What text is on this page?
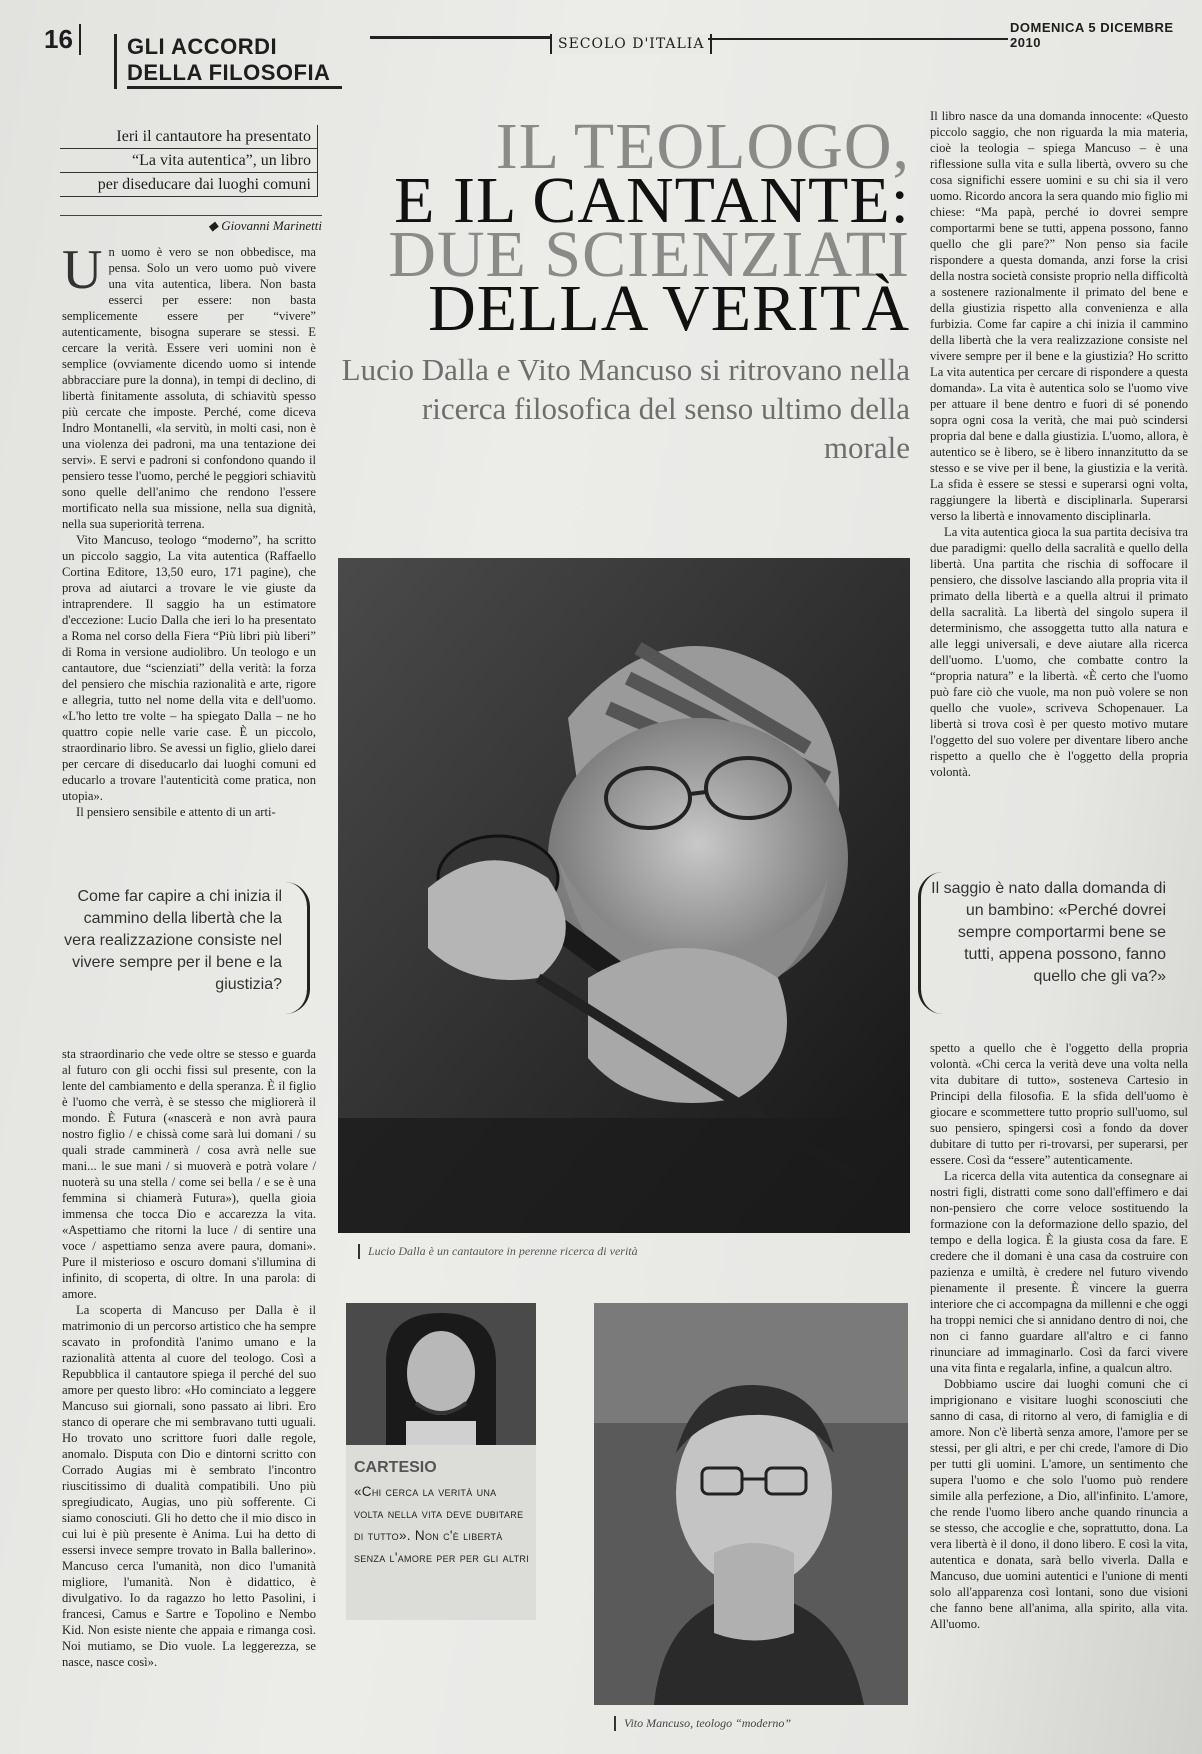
16	GLI ACCORDI
DELLA FILOSOFIA
SECOLO D'ITALIA
DOMENICA 5 DICEMBRE 2010
Ieri il cantautore ha presentato
“La vita autentica”, un libro
per diseducare dai luoghi comuni
◆ Giovanni Marinetti

Un uomo è vero se non obbedisce, ma pensa. Solo un vero uomo può vivere una vita autentica, libera. Non basta esserci per essere: non basta semplicemente essere per “vivere” autenticamente, bisogna superare se stessi. E cercare la verità. Essere veri uomini non è semplice (ovviamente dicendo uomo si intende abbracciare pure la donna), in tempi di declino, di libertà finitamente assoluta, di schiavitù spesso più cercate che imposte. Perché, come diceva Indro Montanelli, «la servitù, in molti casi, non è una violenza dei padroni, ma una tentazione dei servi». E servi e padroni si confondono quando il pensiero tesse l'uomo, perché le peggiori schiavitù sono quelle dell'animo che rendono l'essere mortificato nella sua missione, nella sua dignità, nella sua superiorità terrena.

Vito Mancuso, teologo “moderno”, ha scritto un piccolo saggio, La vita autentica (Raffaello Cortina Editore, 13,50 euro, 171 pagine), che prova ad aiutarci a trovare le vie giuste da intraprendere. Il saggio ha un estimatore d'eccezione: Lucio Dalla che ieri lo ha presentato a Roma nel corso della Fiera “Più libri più liberi” di Roma in versione audiolibro. Un teologo e un cantautore, due “scienziati” della verità: la forza del pensiero che mischia razionalità e arte, rigore e allegria, tutto nel nome della vita e dell'uomo. «L'ho letto tre volte – ha spiegato Dalla – ne ho quattro copie nelle varie case. È un piccolo, straordinario libro. Se avessi un figlio, glielo darei per cercare di diseducarlo dai luoghi comuni ed educarlo a trovare l'autenticità come pratica, non utopia».

Il pensiero sensibile e attento di un arti-

Come far capire a chi inizia il cammino della libertà che la vera realizzazione consiste nel vivere sempre per il bene e la giustizia?

sta straordinario che vede oltre se stesso e guarda al futuro con gli occhi fissi sul presente, con la lente del cambiamento e della speranza. È il figlio è l'uomo che verrà, è se stesso che migliorerà il mondo. È Futura («nascerà e non avrà paura nostro figlio / e chissà come sarà lui domani / su quali strade camminerà / cosa avrà nelle sue mani... le sue mani / si muoverà e potrà volare / nuoterà su una stella / come sei bella / e se è una femmina si chiamerà Futura»), quella gioia immensa che tocca Dio e accarezza la vita. «Aspettiamo che ritorni la luce / di sentire una voce / aspettiamo senza avere paura, domani». Pure il misterioso e oscuro domani s'illumina di infinito, di scoperta, di oltre. In una parola: di amore.

La scoperta di Mancuso per Dalla è il matrimonio di un percorso artistico che ha sempre scavato in profondità l'animo umano e la razionalità attenta al cuore del teologo. Così a Repubblica il cantautore spiega il perché del suo amore per questo libro: «Ho cominciato a leggere Mancuso sui giornali, sono passato ai libri. Ero stanco di operare che mi sembravano tutti uguali. Ho trovato uno scrittore fuori dalle regole, anomalo. Disputa con Dio e dintorni scritto con Corrado Augias mi è sembrato l'incontro riuscitissimo di dualità compatibili. Uno più spregiudicato, Augias, uno più sofferente. Ci siamo conosciuti. Gli ho detto che il mio disco in cui lui è più presente è Anima. Lui ha detto di essersi invece sempre trovato in Balla ballerino». Mancuso cerca l'umanità, non dico l'umanità migliore, l'umanità. Non è didattico, è divulgativo. Io da ragazzo ho letto Pasolini, i francesi, Camus e Sartre e Topolino e Nembo Kid. Non esiste niente che appaia e rimanga così. Noi mutiamo, se Dio vuole. La leggerezza, se nasce, nasce così».

IL TEOLOGO,
E IL CANTANTE:
DUE SCIENZIATI
DELLA VERITÀ
Lucio Dalla e Vito Mancuso si ritrovano nella ricerca filosofica del senso ultimo della morale
Lucio Dalla è un cantautore in perenne ricerca di verità

Il libro nasce da una domanda innocente: «Questo piccolo saggio, che non riguarda la mia materia, cioè la teologia – spiega Mancuso – è una riflessione sulla vita e sulla libertà, ovvero su che cosa significhi essere uomini e su chi sia il vero uomo. Ricordo ancora la sera quando mio figlio mi chiese: “Ma papà, perché io dovrei sempre comportarmi bene se tutti, appena possono, fanno quello che gli pare?” Non penso sia facile rispondere a questa domanda, anzi forse la crisi della nostra società consiste proprio nella difficoltà a sostenere razionalmente il primato del bene e della giustizia rispetto alla convenienza e alla furbizia. Come far capire a chi inizia il cammino della libertà che la vera realizzazione consiste nel vivere sempre per il bene e la giustizia? Ho scritto La vita autentica per cercare di rispondere a questa domanda». La vita è autentica solo se l'uomo vive per attuare il bene dentro e fuori di sé ponendo sopra ogni cosa la verità, che mai può scindersi propria dal bene e dalla giustizia. L'uomo, allora, è autentico se è libero, se è libero innanzitutto da se stesso e se vive per il bene, la giustizia e la verità. La sfida è essere se stessi e superarsi ogni volta, raggiungere la libertà e disciplinarla. Superarsi verso la libertà e innovamento disciplinarla.

La vita autentica gioca la sua partita decisiva tra due paradigmi: quello della sacralità e quello della libertà. Una partita che rischia di soffocare il pensiero, che dissolve lasciando alla propria vita il primato della libertà e a quella altrui il primato della sacralità. La libertà del singolo supera il determinismo, che assoggetta tutto alla natura e alle leggi universali, e deve aiutare alla ricerca dell'uomo. L'uomo, che combatte contro la “propria natura” e la libertà. «È certo che l'uomo può fare ciò che vuole, ma non può volere se non quello che vuole», scriveva Schopenauer. La libertà si trova così è per questo motivo mutare l'oggetto del suo volere per diventare libero anche rispetto a quello che è l'oggetto della propria volontà.

Il saggio è nato dalla domanda di un bambino: «Perché dovrei sempre comportarmi bene se tutti, appena possono, fanno quello che gli va?»

spetto a quello che è l'oggetto della propria volontà. «Chi cerca la verità deve una volta nella vita dubitare di tutto», sosteneva Cartesio in Principi della filosofia. E la sfida dell'uomo è giocare e scommettere tutto proprio sull'uomo, sul suo pensiero, spingersi così a fondo da dover dubitare di tutto per ri-trovarsi, per superarsi, per essere. Così da “essere” autenticamente.

La ricerca della vita autentica da consegnare ai nostri figli, distratti come sono dall'effimero e dai non-pensiero che corre veloce sostituendo la formazione con la deformazione dello spazio, del tempo e della logica. È la giusta cosa da fare. E credere che il domani è una casa da costruire con pazienza e umiltà, è credere nel futuro vivendo pienamente il presente. È vincere la guerra interiore che ci accompagna da millenni e che oggi ha troppi nemici che si annidano dentro di noi, che non ci fanno guardare all'altro e ci fanno rinunciare ad immaginarlo. Così da farci vivere una vita finta e regalarla, infine, a qualcun altro.

Dobbiamo uscire dai luoghi comuni che ci imprigionano e visitare luoghi sconosciuti che sanno di casa, di ritorno al vero, di famiglia e di amore. Non c'è libertà senza amore, l'amore per se stessi, per gli altri, e per chi crede, l'amore di Dio per tutti gli uomini. L'amore, un sentimento che supera l'uomo e che solo l'uomo può rendere simile alla perfezione, a Dio, all'infinito. L'amore, che rende l'uomo libero anche quando rinuncia a se stesso, che accoglie e che, soprattutto, dona. La vera libertà è il dono, il dono libero. E così la vita, autentica e donata, sarà bello viverla. Dalla e Mancuso, due uomini autentici e l'unione di menti solo all'apparenza così lontani, sono due visioni che fanno bene all'anima, alla spirito, alla vita. All'uomo.

CARTESIO
«Chi cerca la verità una volta nella vita deve dubitare di tutto». Non c'è libertà senza l'amore per per gli altri
Vito Mancuso, teologo “moderno”
